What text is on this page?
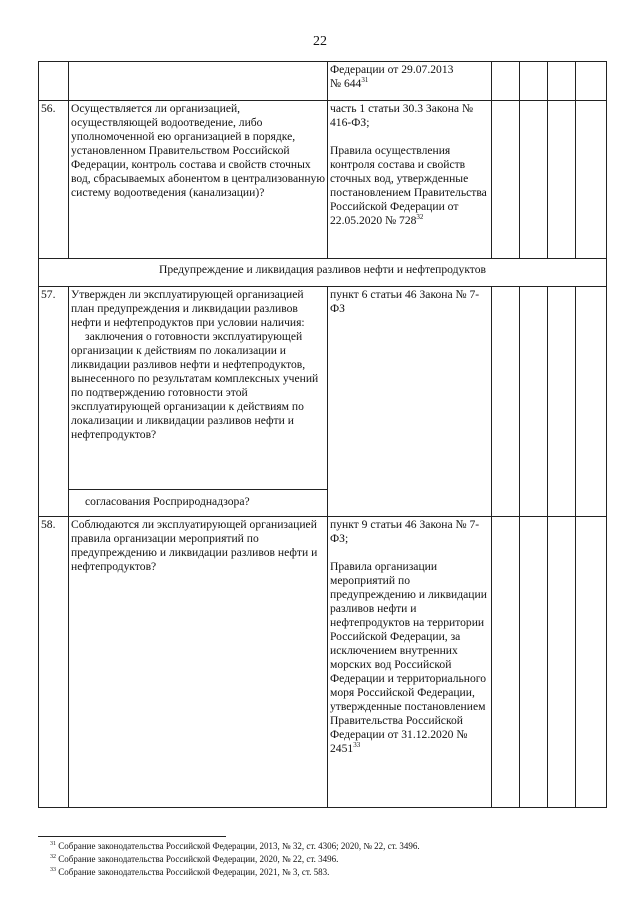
22

		Федерации от 29.07.2013
№ $644^{31}$				
56.	Осуществляется ли организацией, осуществляющей водоотведение, либо уполномоченной ею организацией в порядке, установленном Правительством Российской Федерации, контроль состава и свойств сточных вод, сбрасываемых абонентом в централизованную систему водоотведения (канализации)?	часть 1 статьи 30.3 Закона № 416-ФЗ;
Правила осуществления контроля состава и свойств сточных вод, утвержденные постановлением Правительства Российской Федерации от 22.05.2020 № $728^{32}$				
Предупреждение и ликвидация разливов нефти и нефтепродуктов						
57.	Утвержден ли эксплуатирующей организацией план предупреждения и ликвидации разливов нефти и нефтепродуктов при условии наличия:
заключения о готовности эксплуатирующей организации к действиям по локализации и ликвидации разливов нефти и нефтепродуктов, вынесенного по результатам комплексных учений по подтверждению готовности этой эксплуатирующей организации к действиям по локализации и ликвидации разливов нефти и нефтепродуктов?	пункт 6 статьи 46 Закона № 7-ФЗ				
	согласования Росприроднадзора?					
58.	Соблюдаются ли эксплуатирующей организацией правила организации мероприятий по предупреждению и ликвидации разливов нефти и нефтепродуктов?	пункт 9 статьи 46 Закона № 7-ФЗ;
Правила организации мероприятий по предупреждению и ликвидации разливов нефти и нефтепродуктов на территории Российской Федерации, за исключением внутренних морских вод Российской Федерации и территориального моря Российской Федерации, утвержденные постановлением Правительства Российской Федерации от 31.12.2020 № 2451$^{33}$				
$^{31}$ Собрание законодательства Российской Федерации, 2013, № 32, ст. 4306; 2020, № 22, ст. 3496.
$^{32}$ Собрание законодательства Российской Федерации, 2020, № 22, ст. 3496.
$^{33}$ Собрание законодательства Российской Федерации, 2021, № 3, ст. 583.
